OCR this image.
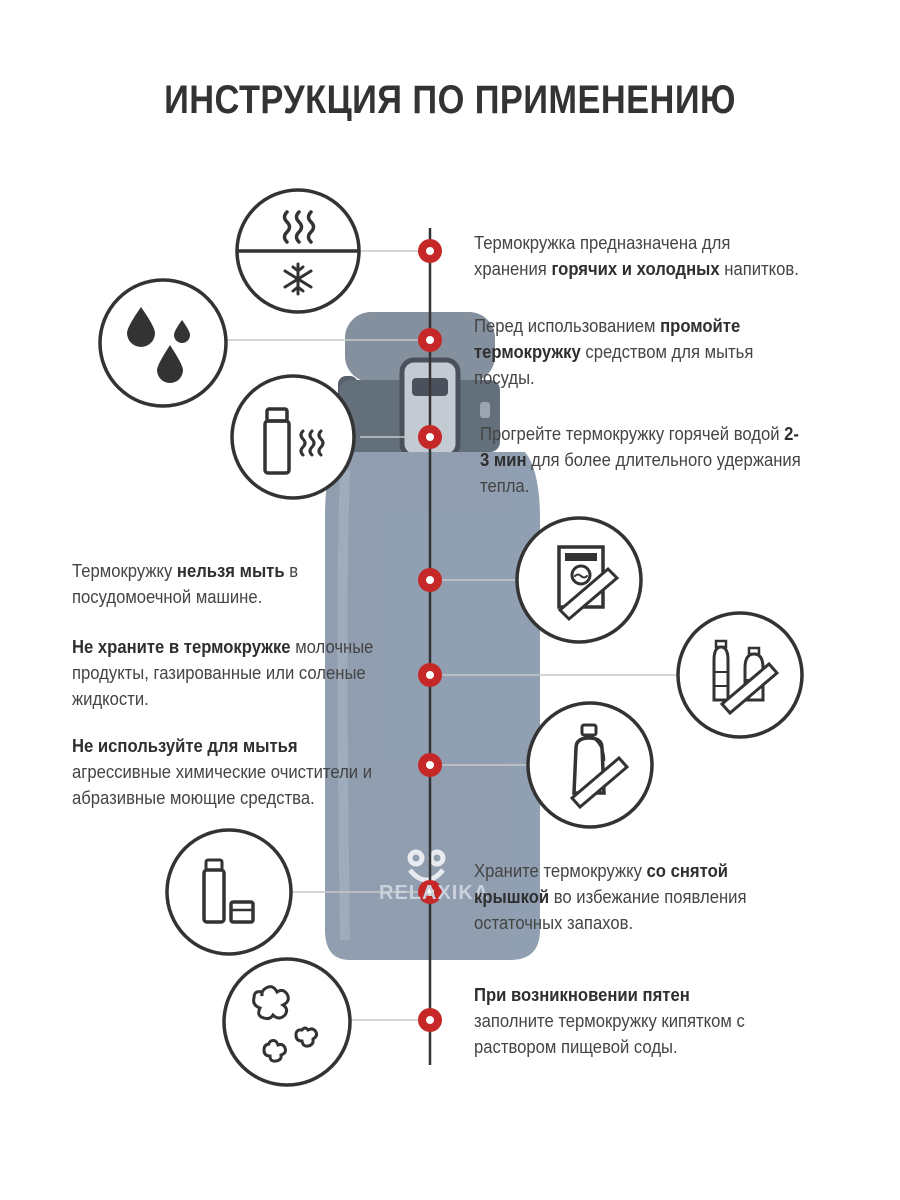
ИНСТРУКЦИЯ ПО ПРИМЕНЕНИЮ
RELAXIKA
Термокружка предназначена для хранения горячих и холодных напитков.
Перед использованием промойте термокружку средством для мытья посуды.
Прогрейте термокружку горячей водой 2-3 мин для более длительного удержания тепла.
Термокружку нельзя мыть в посудомоечной машине.
Не храните в термокружке молочные продукты, газированные или соленые жидкости.
Не используйте для мытья агрессивные химические очистители и абразивные моющие средства.
Храните термокружку со снятой крышкой во избежание появления остаточных запахов.
При возникновении пятен заполните термокружку кипятком с раствором пищевой соды.
